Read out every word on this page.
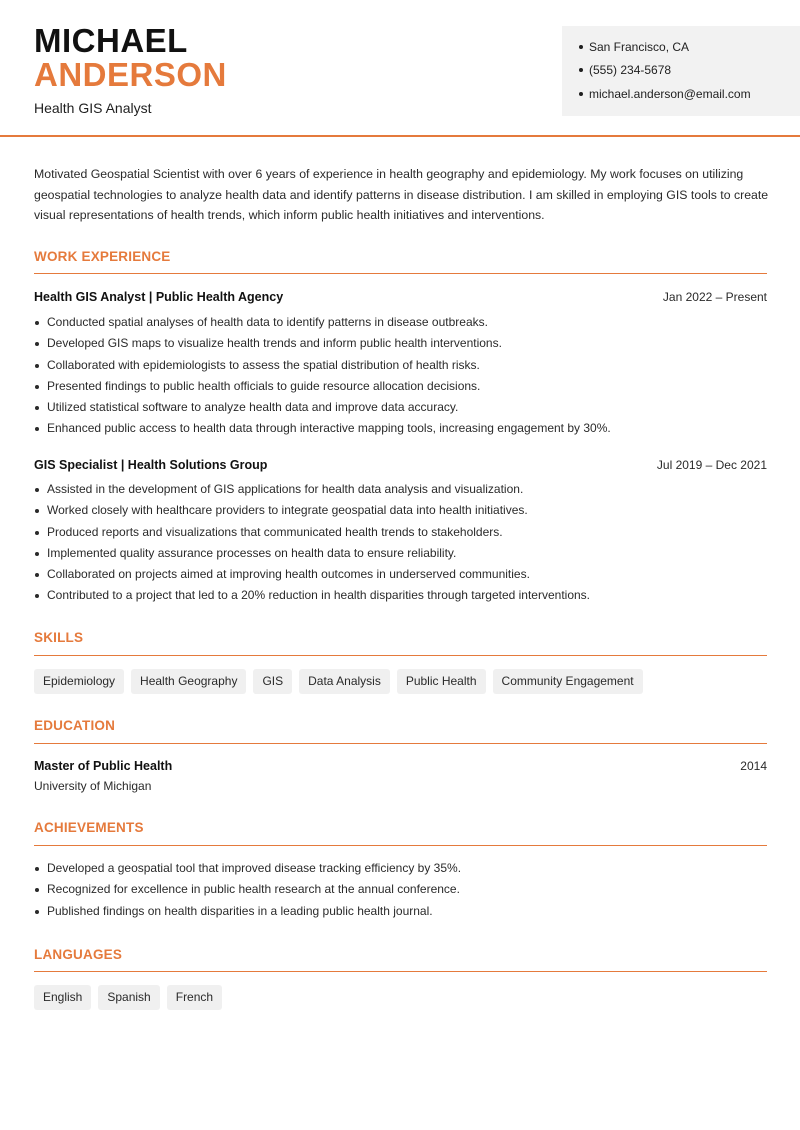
MICHAEL
ANDERSON
Health GIS Analyst
San Francisco, CA
(555) 234-5678
michael.anderson@email.com

Motivated Geospatial Scientist with over 6 years of experience in health geography and epidemiology. My work focuses on utilizing geospatial technologies to analyze health data and identify patterns in disease distribution. I am skilled in employing GIS tools to create visual representations of health trends, which inform public health initiatives and interventions.

WORK EXPERIENCE
Health GIS Analyst | Public Health Agency	Jan 2022 – Present
Conducted spatial analyses of health data to identify patterns in disease outbreaks.
Developed GIS maps to visualize health trends and inform public health interventions.
Collaborated with epidemiologists to assess the spatial distribution of health risks.
Presented findings to public health officials to guide resource allocation decisions.
Utilized statistical software to analyze health data and improve data accuracy.
Enhanced public access to health data through interactive mapping tools, increasing engagement by 30%.
GIS Specialist | Health Solutions Group	Jul 2019 – Dec 2021
Assisted in the development of GIS applications for health data analysis and visualization.
Worked closely with healthcare providers to integrate geospatial data into health initiatives.
Produced reports and visualizations that communicated health trends to stakeholders.
Implemented quality assurance processes on health data to ensure reliability.
Collaborated on projects aimed at improving health outcomes in underserved communities.
Contributed to a project that led to a 20% reduction in health disparities through targeted interventions.
SKILLS
Epidemiology	Health Geography	GIS	Data Analysis	Public Health	Community Engagement
EDUCATION
Master of Public Health	2014
University of Michigan
ACHIEVEMENTS
Developed a geospatial tool that improved disease tracking efficiency by 35%.
Recognized for excellence in public health research at the annual conference.
Published findings on health disparities in a leading public health journal.
LANGUAGES
English	Spanish	French
